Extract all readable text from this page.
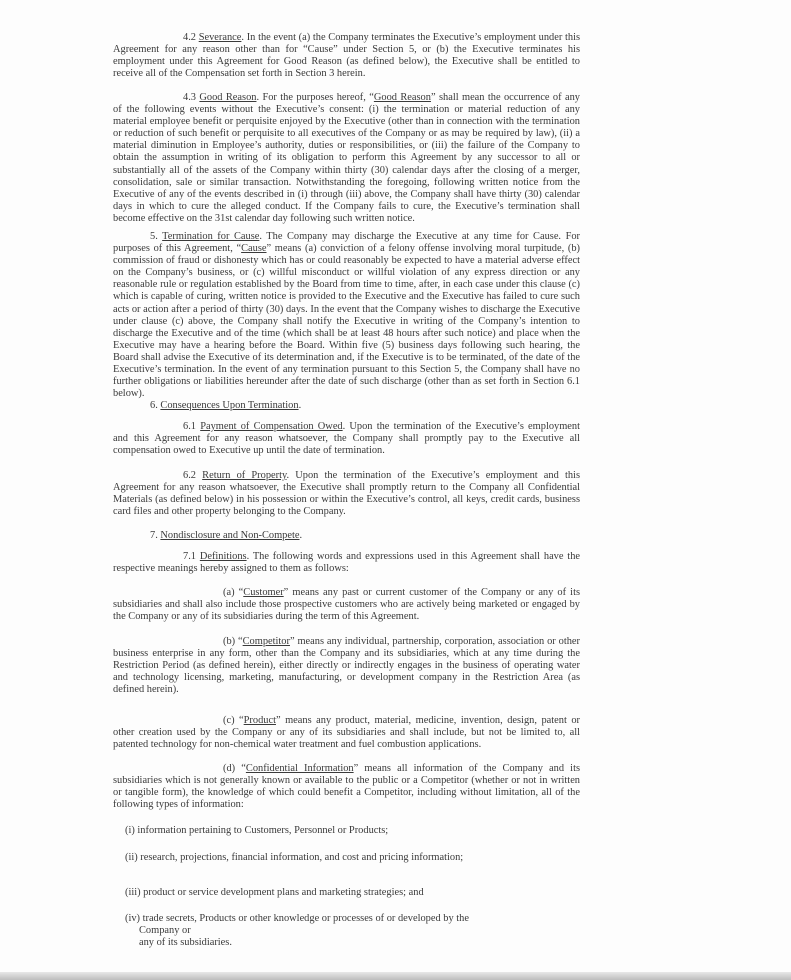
4.2 Severance. In the event (a) the Company terminates the Executive’s employment under this Agreement for any reason other than for “Cause” under Section 5, or (b) the Executive terminates his employment under this Agreement for Good Reason (as defined below), the Executive shall be entitled to receive all of the Compensation set forth in Section 3 herein.
4.3 Good Reason. For the purposes hereof, “Good Reason” shall mean the occurrence of any of the following events without the Executive’s consent: (i) the termination or material reduction of any material employee benefit or perquisite enjoyed by the Executive (other than in connection with the termination or reduction of such benefit or perquisite to all executives of the Company or as may be required by law), (ii) a material diminution in Employee’s authority, duties or responsibilities, or (iii) the failure of the Company to obtain the assumption in writing of its obligation to perform this Agreement by any successor to all or substantially all of the assets of the Company within thirty (30) calendar days after the closing of a merger, consolidation, sale or similar transaction. Notwithstanding the foregoing, following written notice from the Executive of any of the events described in (i) through (iii) above, the Company shall have thirty (30) calendar days in which to cure the alleged conduct. If the Company fails to cure, the Executive’s termination shall become effective on the 31st calendar day following such written notice.
5. Termination for Cause. The Company may discharge the Executive at any time for Cause. For purposes of this Agreement, “Cause” means (a) conviction of a felony offense involving moral turpitude, (b) commission of fraud or dishonesty which has or could reasonably be expected to have a material adverse effect on the Company’s business, or (c) willful misconduct or willful violation of any express direction or any reasonable rule or regulation established by the Board from time to time, after, in each case under this clause (c) which is capable of curing, written notice is provided to the Executive and the Executive has failed to cure such acts or action after a period of thirty (30) days. In the event that the Company wishes to discharge the Executive under clause (c) above, the Company shall notify the Executive in writing of the Company’s intention to discharge the Executive and of the time (which shall be at least 48 hours after such notice) and place when the Executive may have a hearing before the Board. Within five (5) business days following such hearing, the Board shall advise the Executive of its determination and, if the Executive is to be terminated, of the date of the Executive’s termination. In the event of any termination pursuant to this Section 5, the Company shall have no further obligations or liabilities hereunder after the date of such discharge (other than as set forth in Section 6.1 below).
6. Consequences Upon Termination.
6.1 Payment of Compensation Owed. Upon the termination of the Executive’s employment and this Agreement for any reason whatsoever, the Company shall promptly pay to the Executive all compensation owed to Executive up until the date of termination.
6.2 Return of Property. Upon the termination of the Executive’s employment and this Agreement for any reason whatsoever, the Executive shall promptly return to the Company all Confidential Materials (as defined below) in his possession or within the Executive’s control, all keys, credit cards, business card files and other property belonging to the Company.
7. Nondisclosure and Non-Compete.
7.1 Definitions. The following words and expressions used in this Agreement shall have the respective meanings hereby assigned to them as follows:
(a) “Customer” means any past or current customer of the Company or any of its subsidiaries and shall also include those prospective customers who are actively being marketed or engaged by the Company or any of its subsidiaries during the term of this Agreement.
(b) “Competitor” means any individual, partnership, corporation, association or other business enterprise in any form, other than the Company and its subsidiaries, which at any time during the Restriction Period (as defined herein), either directly or indirectly engages in the business of operating water and technology licensing, marketing, manufacturing, or development company in the Restriction Area (as defined herein).
(c) “Product” means any product, material, medicine, invention, design, patent or other creation used by the Company or any of its subsidiaries and shall include, but not be limited to, all patented technology for non-chemical water treatment and fuel combustion applications.
(d) “Confidential Information” means all information of the Company and its subsidiaries which is not generally known or available to the public or a Competitor (whether or not in written or tangible form), the knowledge of which could benefit a Competitor, including without limitation, all of the following types of information:
(i) information pertaining to Customers, Personnel or Products;
(ii) research, projections, financial information, and cost and pricing information;
(iii) product or service development plans and marketing strategies; and
(iv) trade secrets, Products or other knowledge or processes of or developed by the
Company or
any of its subsidiaries.
